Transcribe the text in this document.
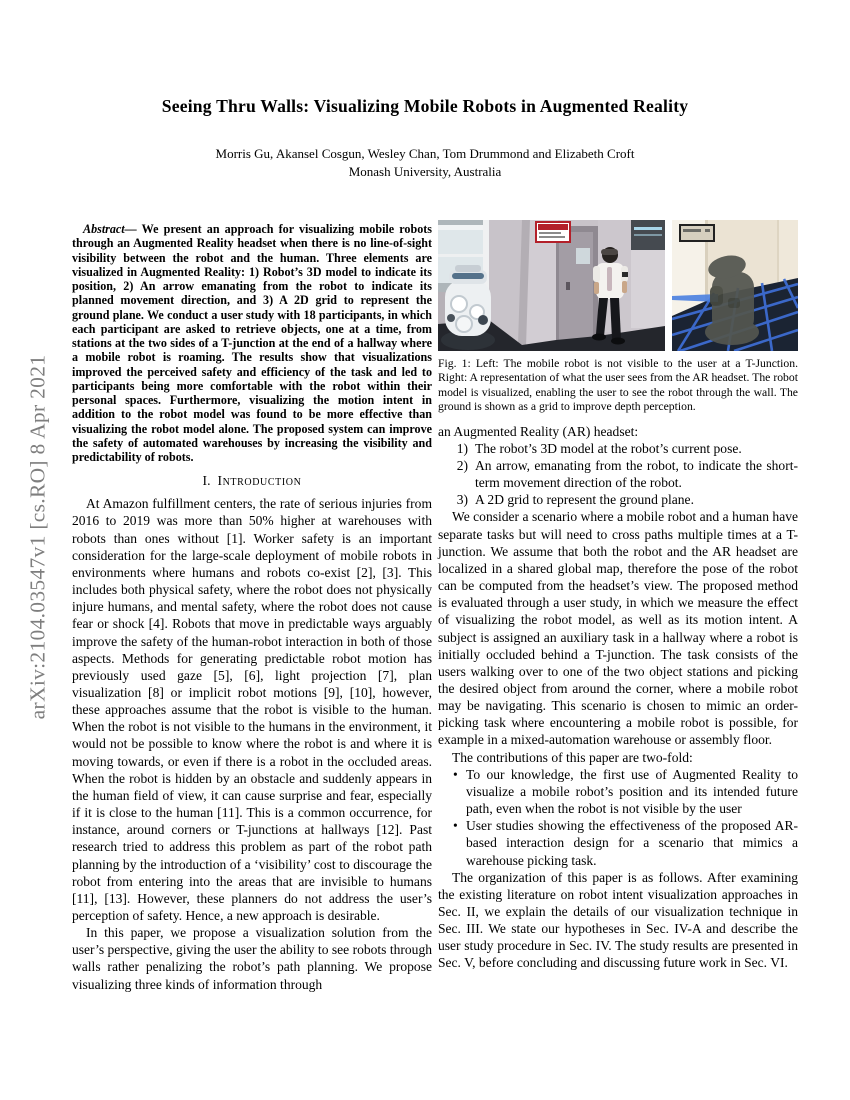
arXiv:2104.03547v1 [cs.RO] 8 Apr 2021
Seeing Thru Walls: Visualizing Mobile Robots in Augmented Reality
Morris Gu, Akansel Cosgun, Wesley Chan, Tom Drummond and Elizabeth Croft
Monash University, Australia

Abstract— We present an approach for visualizing mobile robots through an Augmented Reality headset when there is no line-of-sight visibility between the robot and the human. Three elements are visualized in Augmented Reality: 1) Robot’s 3D model to indicate its position, 2) An arrow emanating from the robot to indicate its planned movement direction, and 3) A 2D grid to represent the ground plane. We conduct a user study with 18 participants, in which each participant are asked to retrieve objects, one at a time, from stations at the two sides of a T-junction at the end of a hallway where a mobile robot is roaming. The results show that visualizations improved the perceived safety and efficiency of the task and led to participants being more comfortable with the robot within their personal spaces. Furthermore, visualizing the motion intent in addition to the robot model was found to be more effective than visualizing the robot model alone. The proposed system can improve the safety of automated warehouses by increasing the visibility and predictability of robots.

I. Introduction

At Amazon fulfillment centers, the rate of serious injuries from 2016 to 2019 was more than 50% higher at warehouses with robots than ones without [1]. Worker safety is an important consideration for the large-scale deployment of mobile robots in environments where humans and robots co-exist [2], [3]. This includes both physical safety, where the robot does not physically injure humans, and mental safety, where the robot does not cause fear or shock [4]. Robots that move in predictable ways arguably improve the safety of the human-robot interaction in both of those aspects. Methods for generating predictable robot motion has previously used gaze [5], [6], light projection [7], plan visualization [8] or implicit robot motions [9], [10], however, these approaches assume that the robot is visible to the human. When the robot is not visible to the humans in the environment, it would not be possible to know where the robot is and where it is moving towards, or even if there is a robot in the occluded areas. When the robot is hidden by an obstacle and suddenly appears in the human field of view, it can cause surprise and fear, especially if it is close to the human [11]. This is a common occurrence, for instance, around corners or T-junctions at hallways [12]. Past research tried to address this problem as part of the robot path planning by the introduction of a ‘visibility’ cost to discourage the robot from entering into the areas that are invisible to humans [11], [13]. However, these planners do not address the user’s perception of safety. Hence, a new approach is desirable.

In this paper, we propose a visualization solution from the user’s perspective, giving the user the ability to see robots through walls rather penalizing the robot’s path planning. We propose visualizing three kinds of information through

Fig. 1: Left: The mobile robot is not visible to the user at a T-Junction. Right: A representation of what the user sees from the AR headset. The robot model is visualized, enabling the user to see the robot through the wall. The ground is shown as a grid to improve depth perception.

an Augmented Reality (AR) headset:

1) The robot’s 3D model at the robot’s current pose.
2) An arrow, emanating from the robot, to indicate the short-term movement direction of the robot.
3) A 2D grid to represent the ground plane.

We consider a scenario where a mobile robot and a human have separate tasks but will need to cross paths multiple times at a T-junction. We assume that both the robot and the AR headset are localized in a shared global map, therefore the pose of the robot can be computed from the headset’s view. The proposed method is evaluated through a user study, in which we measure the effect of visualizing the robot model, as well as its motion intent. A subject is assigned an auxiliary task in a hallway where a robot is initially occluded behind a T-junction. The task consists of the users walking over to one of the two object stations and picking the desired object from around the corner, where a mobile robot may be navigating. This scenario is chosen to mimic an order-picking task where encountering a mobile robot is possible, for example in a mixed-automation warehouse or assembly floor.

The contributions of this paper are two-fold:

• To our knowledge, the first use of Augmented Reality to visualize a mobile robot’s position and its intended future path, even when the robot is not visible by the user
• User studies showing the effectiveness of the proposed AR-based interaction design for a scenario that mimics a warehouse picking task.

The organization of this paper is as follows. After examining the existing literature on robot intent visualization approaches in Sec. II, we explain the details of our visualization technique in Sec. III. We state our hypotheses in Sec. IV-A and describe the user study procedure in Sec. IV. The study results are presented in Sec. V, before concluding and discussing future work in Sec. VI.
